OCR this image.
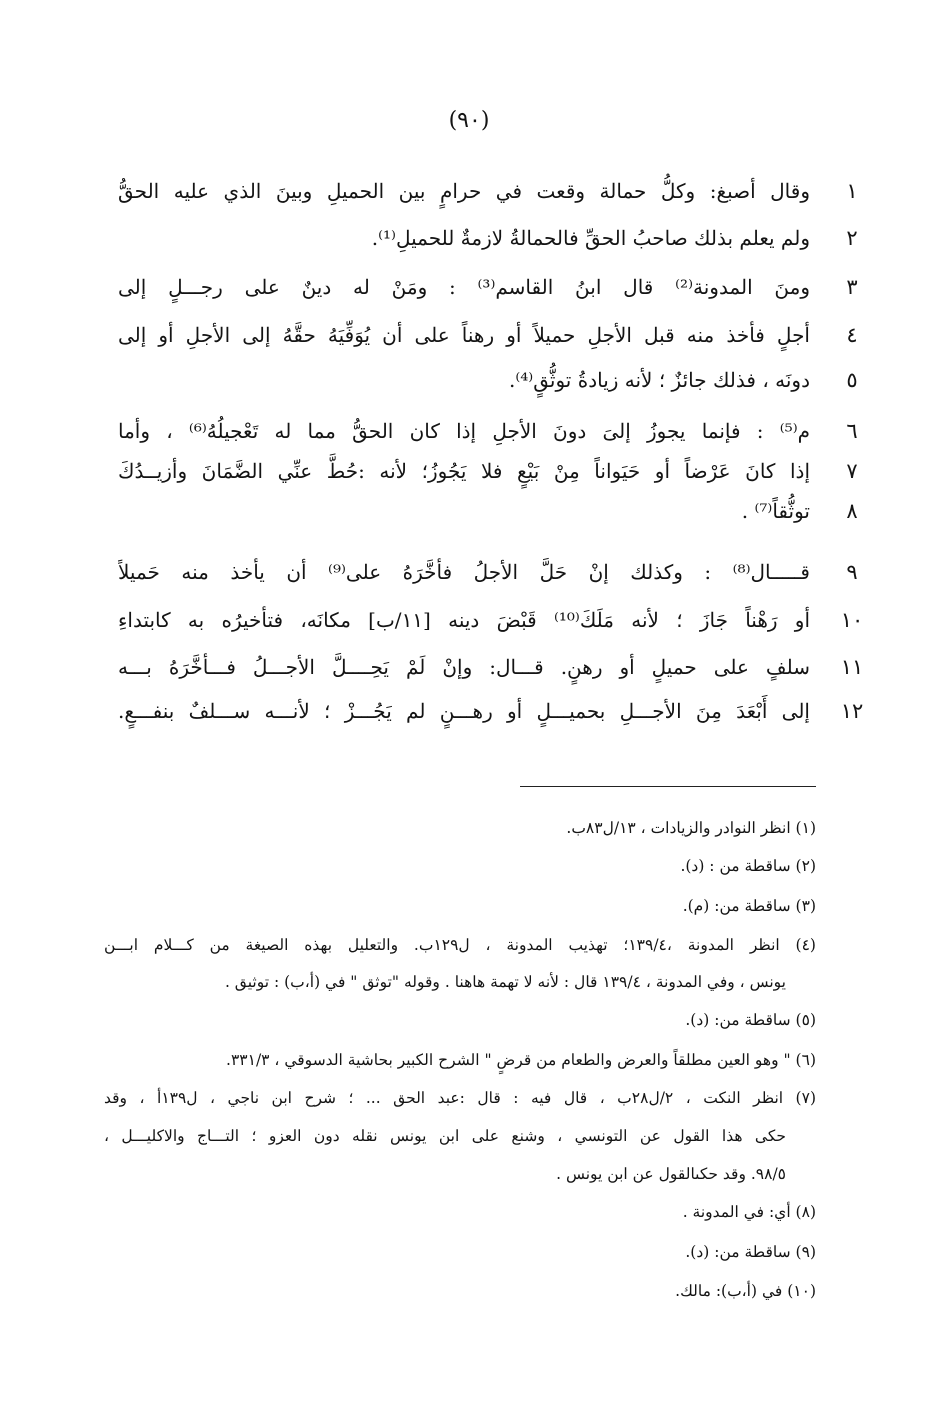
(٩٠)
١
وقال أصبغ: وكلُّ حمالة وقعت في حرامٍ بين الحميلِ وبينَ الذي عليه الحقُّ
٢
ولم يعلم بذلك صاحبُ الحقِّ فالحمالةُ لازمةٌ للحميلِ⁽¹⁾.
٣
ومنَ المدونة⁽²⁾ قال ابنُ القاسم⁽³⁾ : ومَنْ له دينٌ على رجـــلٍ إلى
٤
أجلٍ فأخذ منه قبل الأجلِ حميلاً أو رهناً على أن يُوَفِّيَهُ حقَّهُ إلى الأجلِ أو إلى
٥
دونَه ، فذلك جائزٌ ؛ لأنه زيادةُ توثُّقٍ⁽⁴⁾.
٦
م⁽⁵⁾ : فإنما يجوزُ إلىَ دونَ الأجلِ إذا كان الحقُّ مما له تَعْجيلُهُ⁽⁶⁾ ، وأما
٧
إذا كانَ عَرْضاً أو حَيَواناً مِنْ بَيْعٍ فلا يَجُوزُ؛ لأنه :حُطَّ عنِّي الضَّمَانَ وأزيــدُكَ
٨
توثُّقاً⁽⁷⁾ .
٩
قـــــال⁽⁸⁾ : وكذلك إنْ حَلَّ الأجلُ فأخَّرَهُ على⁽⁹⁾ أن يأخذ منه حَميلاً
١٠
أو رَهْناً جَازَ ؛ لأنه مَلَكَ⁽¹⁰⁾ قَبْضَ دينه [١١/ب] مكانَه، فتأخيرُه به كابتداءِ
١١
سلفٍ على حميلٍ أو رهنٍ. قـــال: وإنْ لَمْ يَحِــــلَّ الأجـــلُ فـــأخَّرَهُ بـــه
١٢
إلى أَبْعَدَ مِنَ الأجـــلِ بحميـــلٍ أو رهـــنٍ لم يَجُـــزْ ؛ لأنـــه ســـلفٌ بنفـــعٍ.
(١) انظر النوادر والزيادات ، ١٣/ل٨٣ب.
(٢) ساقطة من : (د).
(٣) ساقطة من: (م).
(٤) انظر المدونة ،١٣٩/٤؛ تهذيب المدونة ، ل١٢٩ب. والتعليل بهذه الصيغة من كـــلام ابـــن
يونس ، وفي المدونة ، ١٣٩/٤ قال : لأنه لا تهمة هاهنا . وقوله "توثق " في (أ،ب) : توثيق .
(٥) ساقطة من: (د).
(٦) " وهو العين مطلقاً والعرض والطعام من قرضٍ " الشرح الكبير بحاشية الدسوقي ، ٣٣١/٣.
(٧) انظر النكت ، ٢/ل٢٨ب ، قال فيه : قال :عبد الحق ... ؛ شرح ابن ناجي ، ل١٣٩أ ، وقد
حكى هذا القول عن التونسي ، وشنع على ابن يونس نقله دون العزو ؛ التـــاج والاكليـــل ،
٩٨/٥. وقد حكىالقول عن ابن يونس .
(٨) أي: في المدونة .
(٩) ساقطة من: (د).
(١٠) في (أ،ب): مالك.
